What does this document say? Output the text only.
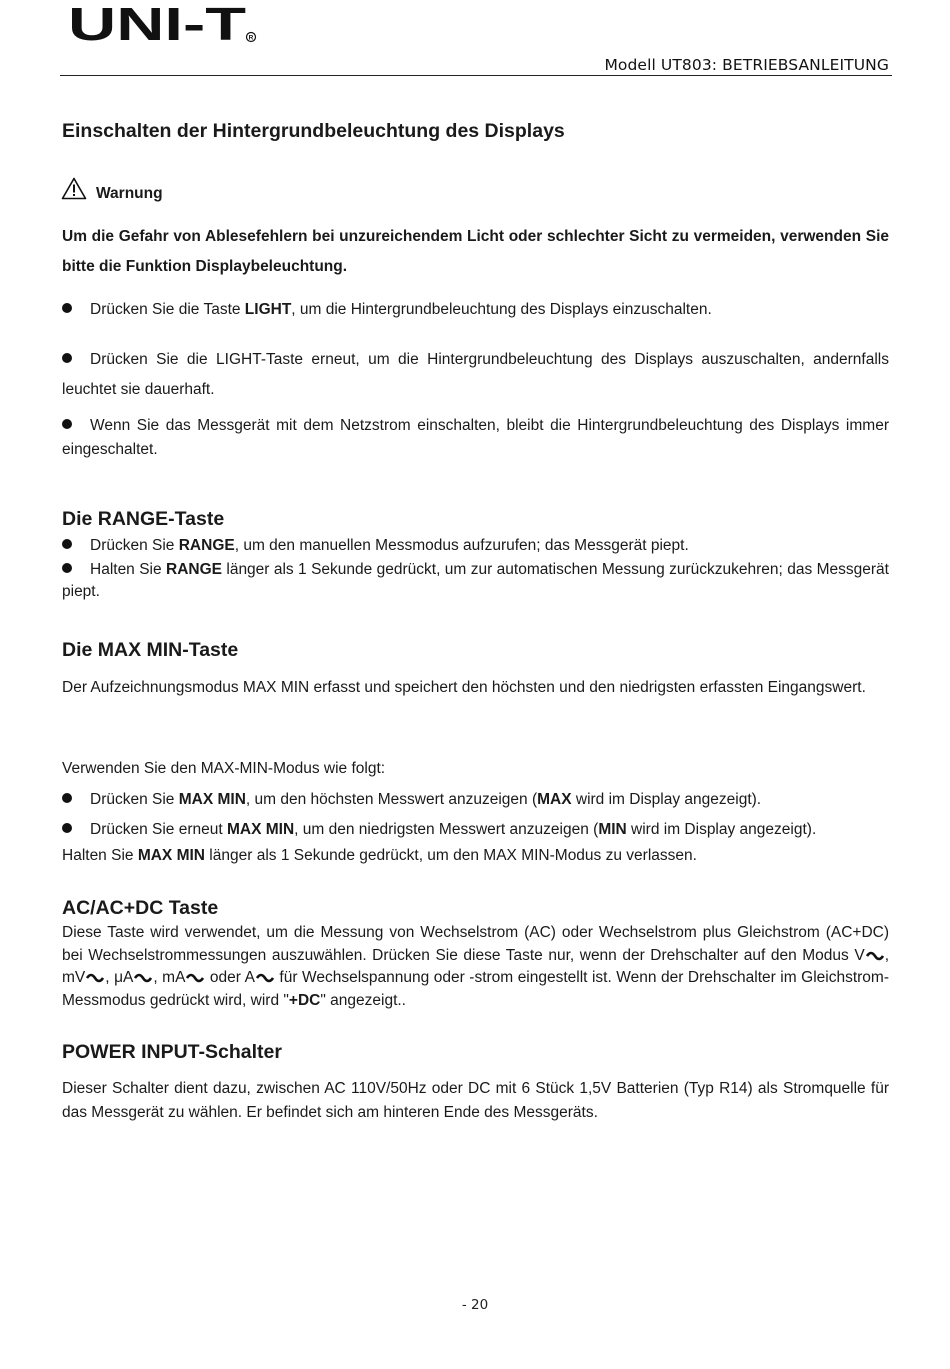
UNI-T R
Modell UT803: BETRIEBSANLEITUNG
Einschalten der Hintergrundbeleuchtung des Displays
Warnung
Um die Gefahr von Ablesefehlern bei unzureichendem Licht oder schlechter Sicht zu vermeiden, verwenden Sie bitte die Funktion Displaybeleuchtung.
Drücken Sie die Taste LIGHT, um die Hintergrundbeleuchtung des Displays einzuschalten.
Drücken Sie die LIGHT-Taste erneut, um die Hintergrundbeleuchtung des Displays auszuschalten, andernfalls leuchtet sie dauerhaft.
Wenn Sie das Messgerät mit dem Netzstrom einschalten, bleibt die Hintergrundbeleuchtung des Displays immer eingeschaltet.
Die RANGE-Taste
Drücken Sie RANGE, um den manuellen Messmodus aufzurufen; das Messgerät piept.
Halten Sie RANGE länger als 1 Sekunde gedrückt, um zur automatischen Messung zurückzukehren; das Messgerät piept.
Die MAX MIN-Taste
Der Aufzeichnungsmodus MAX MIN erfasst und speichert den höchsten und den niedrigsten erfassten Eingangswert.
Verwenden Sie den MAX-MIN-Modus wie folgt:
Drücken Sie MAX MIN, um den höchsten Messwert anzuzeigen (MAX wird im Display angezeigt).
Drücken Sie erneut MAX MIN, um den niedrigsten Messwert anzuzeigen (MIN wird im Display angezeigt).
Halten Sie MAX MIN länger als 1 Sekunde gedrückt, um den MAX MIN-Modus zu verlassen.
AC/AC+DC Taste
Diese Taste wird verwendet, um die Messung von Wechselstrom (AC) oder Wechselstrom plus Gleichstrom (AC+DC) bei Wechselstrommessungen auszuwählen. Drücken Sie diese Taste nur, wenn der Drehschalter auf den Modus V , mV , μA , mA oder A für Wechselspannung oder -strom eingestellt ist. Wenn der Drehschalter im Gleichstrom-Messmodus gedrückt wird, wird "+DC" angezeigt..
POWER INPUT-Schalter
Dieser Schalter dient dazu, zwischen AC 110V/50Hz oder DC mit 6 Stück 1,5V Batterien (Typ R14) als Stromquelle für das Messgerät zu wählen. Er befindet sich am hinteren Ende des Messgeräts.
- 20
